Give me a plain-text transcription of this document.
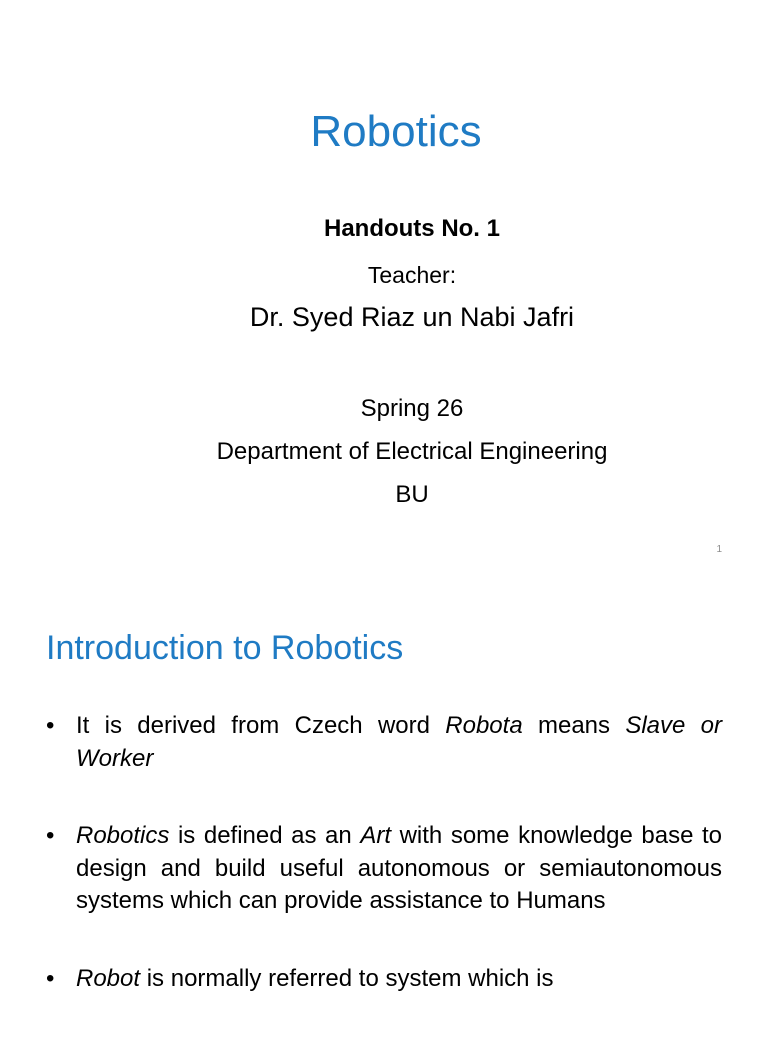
Robotics
Handouts No. 1
Teacher:
Dr. Syed Riaz un Nabi Jafri
Spring 26
Department of Electrical Engineering
BU
1
Introduction to Robotics
• It is derived from Czech word Robota means Slave or Worker
• Robotics is defined as an Art with some knowledge base to design and build useful autonomous or semiautonomous systems which can provide assistance to Humans
• Robot is normally referred to system which is
